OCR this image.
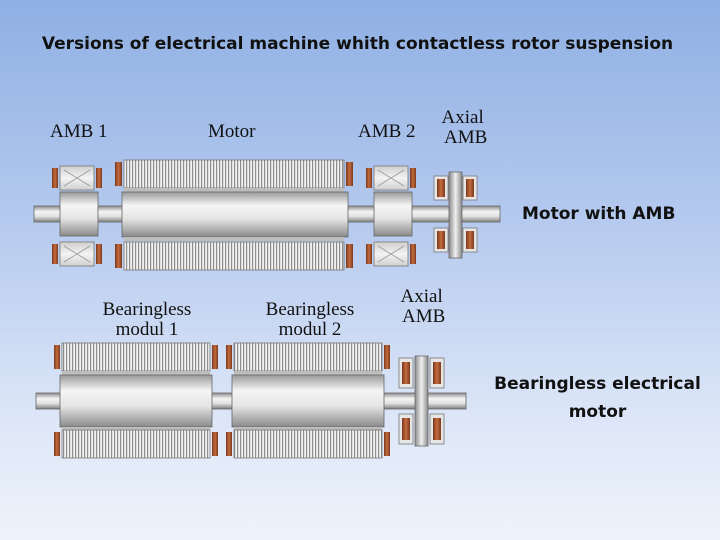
Versions of electrical machine whith contactless rotor suspension
AMB 1	Motor	AMB 2
Axial
AMB
Motor with AMB
Bearingless
modul 1
Bearingless
modul 2
Axial
AMB
Bearingless electrical
motor
